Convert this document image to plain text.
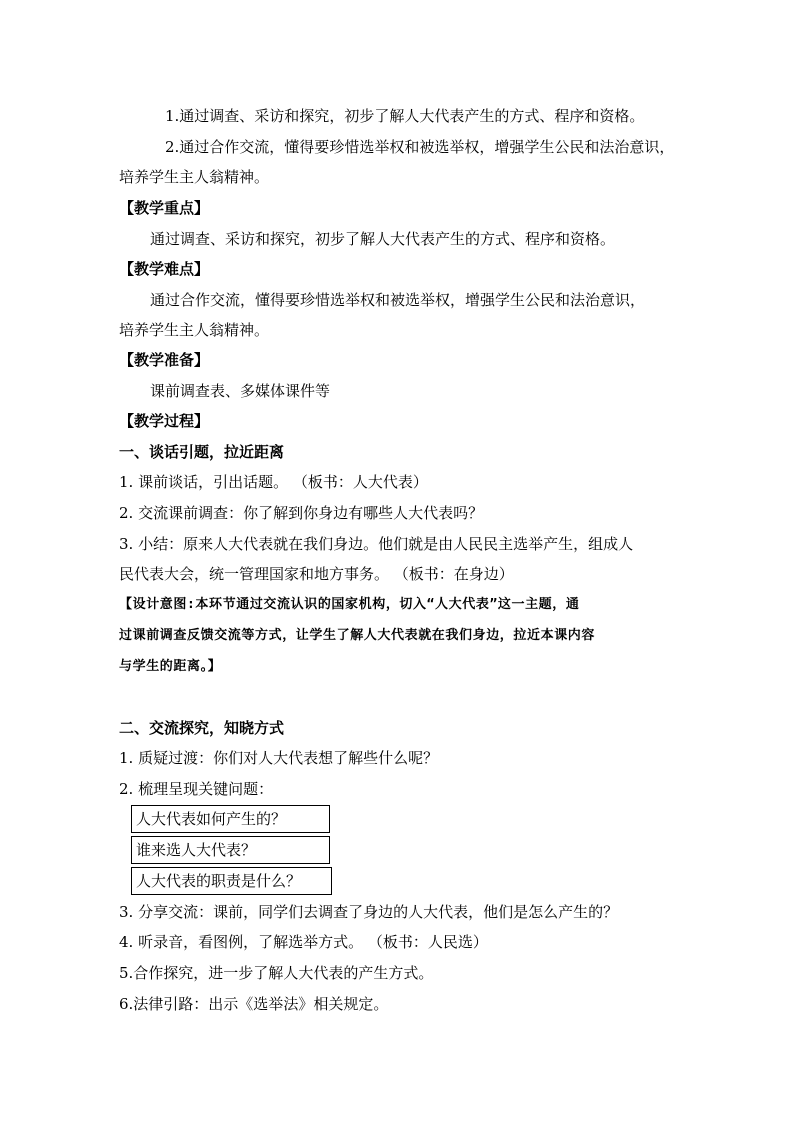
1.通过调查、采访和探究，初步了解人大代表产生的方式、程序和资格。
2.通过合作交流，懂得要珍惜选举权和被选举权，增强学生公民和法治意识，
培养学生主人翁精神。
【教学重点】
通过调查、采访和探究，初步了解人大代表产生的方式、程序和资格。
【教学难点】
通过合作交流，懂得要珍惜选举权和被选举权，增强学生公民和法治意识，
培养学生主人翁精神。
【教学准备】
课前调查表、多媒体课件等
【教学过程】
一、谈话引题，拉近距离
1. 课前谈话，引出话题。 （板书：人大代表）
2. 交流课前调查：你了解到你身边有哪些人大代表吗？
3. 小结：原来人大代表就在我们身边。他们就是由人民民主选举产生，组成人
民代表大会，统一管理国家和地方事务。 （板书：在身边）
【设计意图:本环节通过交流认识的国家机构，切入“人大代表”这一主题，通
过课前调查反馈交流等方式，让学生了解人大代表就在我们身边，拉近本课内容
与学生的距离。】
二、交流探究，知晓方式
1. 质疑过渡：你们对人大代表想了解些什么呢？
2. 梳理呈现关键问题：
人大代表如何产生的？
谁来选人大代表？
人大代表的职责是什么？
3. 分享交流：课前，同学们去调查了身边的人大代表，他们是怎么产生的？
4. 听录音，看图例，了解选举方式。 （板书：人民选）
5.合作探究，进一步了解人大代表的产生方式。
6.法律引路：出示《选举法》相关规定。
